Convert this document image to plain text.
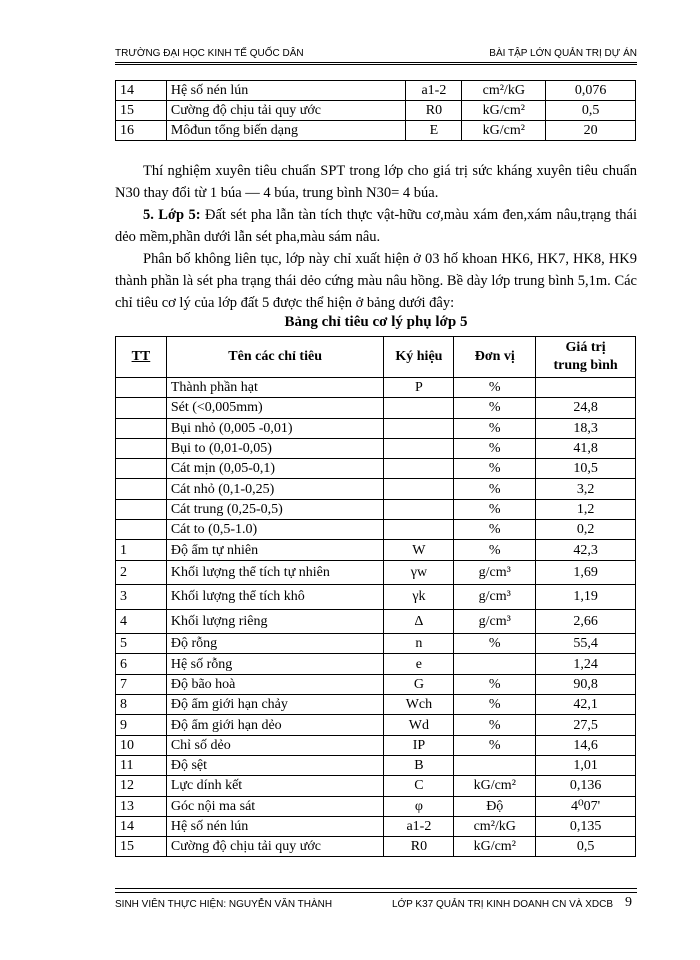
TRƯỜNG ĐẠI HỌC KINH TẾ QUỐC DÂN	BÀI TẬP LỚN QUẢN TRỊ DỰ ÁN
14	Hệ số nén lún	a1-2	cm²/kG	0,076
15	Cường độ chịu tải quy ước	R0	kG/cm²	0,5
16	Môđun tổng biến dạng	E	kG/cm²	20
Thí nghiệm xuyên tiêu chuẩn SPT trong lớp cho giá trị sức kháng xuyên tiêu chuẩn N30 thay đổi từ 1 búa — 4 búa, trung bình N30= 4 búa.
5. Lớp 5: Đất sét pha lẫn tàn tích thực vật-hữu cơ,màu xám đen,xám nâu,trạng thái dẻo mềm,phần dưới lẫn sét pha,màu sám nâu.
Phân bố không liên tục, lớp này chỉ xuất hiện ở 03 hố khoan HK6, HK7, HK8, HK9 thành phần là sét pha trạng thái dẻo cứng màu nâu hồng. Bề dày lớp trung bình 5,1m. Các chỉ tiêu cơ lý của lớp đất 5 được thể hiện ở bảng dưới đây:
Bảng chỉ tiêu cơ lý phụ lớp 5
TT	Tên các chỉ tiêu	Ký hiệu	Đơn vị	Giá trị
trung bình
	Thành phần hạt	P	%	
	Sét (<0,005mm)		%	24,8
	Bụi nhỏ (0,005 -0,01)		%	18,3
	Bụi to (0,01-0,05)		%	41,8
	Cát mịn (0,05-0,1)		%	10,5
	Cát nhỏ (0,1-0,25)		%	3,2
	Cát trung (0,25-0,5)		%	1,2
	Cát to (0,5-1.0)		%	0,2
1	Độ ẩm tự nhiên	W	%	42,3
2	Khối lượng thể tích tự nhiên	γw	g/cm³	1,69
3	Khối lượng thể tích khô	γk	g/cm³	1,19
4	Khối lượng riêng	Δ	g/cm³	2,66
5	Độ rỗng	n	%	55,4
6	Hệ số rỗng	e		1,24
7	Độ bão hoà	G	%	90,8
8	Độ ẩm giới hạn chảy	Wch	%	42,1
9	Độ ẩm giới hạn dẻo	Wd	%	27,5
10	Chỉ số dẻo	IP	%	14,6
11	Độ sệt	B		1,01
12	Lực dính kết	C	kG/cm²	0,136
13	Góc nội ma sát	φ	Độ	4⁰07'
14	Hệ số nén lún	a1-2	cm²/kG	0,135
15	Cường độ chịu tải quy ước	R0	kG/cm²	0,5
SINH VIÊN THỰC HIỆN: NGUYỄN VĂN THÀNH	LỚP K37 QUẢN TRỊ KINH DOANH CN VÀ XDCB 9
